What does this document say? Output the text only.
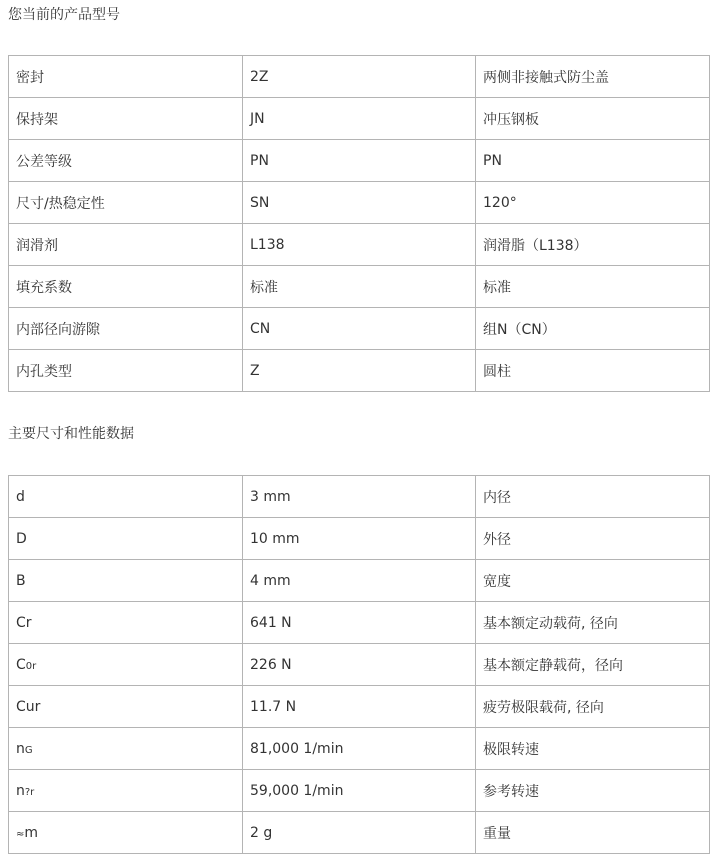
您当前的产品型号
密封	2Z	两侧非接触式防尘盖
保持架	JN	冲压钢板
公差等级	PN	PN
尺寸/热稳定性	SN	120°
润滑剂	L138	润滑脂（L138）
填充系数	标准	标准
内部径向游隙	CN	组N（CN）
内孔类型	Z	圆柱
主要尺寸和性能数据
d	3 mm	内径
D	10 mm	外径
B	4 mm	宽度
Cr	641 N	基本额定动载荷, 径向
C0r	226 N	基本额定静载荷，径向
Cur	11.7 N	疲劳极限载荷, 径向
nG	81,000 1/min	极限转速
n?r	59,000 1/min	参考转速
≈m	2 g	重量
